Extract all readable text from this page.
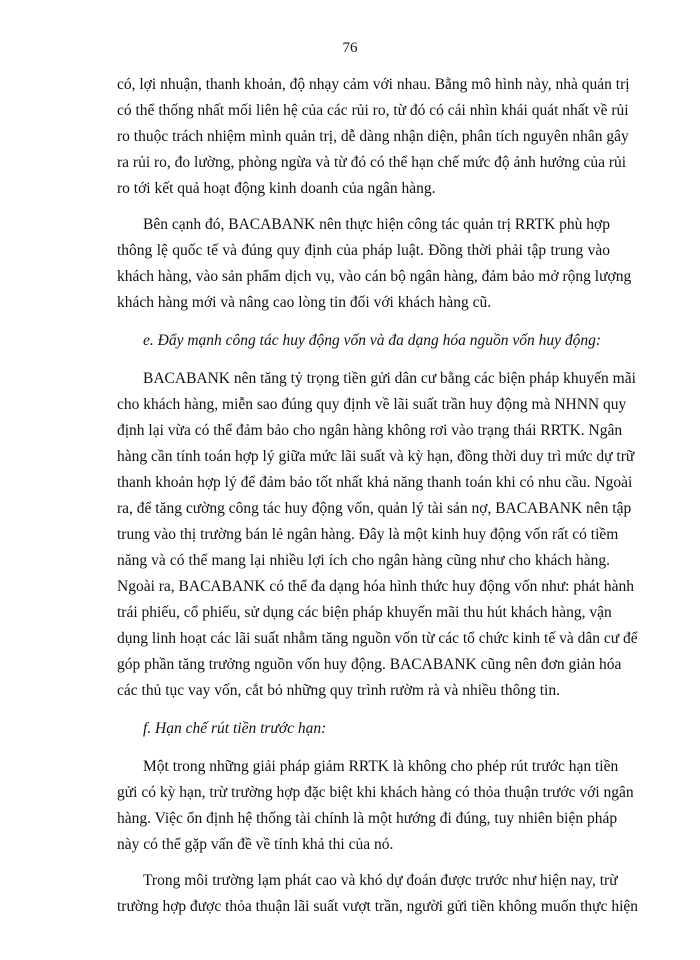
76

có, lợi nhuận, thanh khoản, độ nhạy cảm với nhau. Bằng mô hình này, nhà quản trị
có thể thống nhất mối liên hệ của các rủi ro, từ đó có cái nhìn khái quát nhất về rủi
ro thuộc trách nhiệm mình quản trị, dễ dàng nhận diện, phân tích nguyên nhân gây
ra rủi ro, đo lường, phòng ngừa và từ đó có thể hạn chế mức độ ảnh hưởng của rủi
ro tới kết quả hoạt động kinh doanh của ngân hàng.

Bên cạnh đó, BACABANK nên thực hiện công tác quản trị RRTK phù hợp
thông lệ quốc tế và đúng quy định của pháp luật. Đồng thời phải tập trung vào
khách hàng, vào sản phẩm dịch vụ, vào cán bộ ngân hàng, đảm bảo mở rộng lượng
khách hàng mới và nâng cao lòng tin đối với khách hàng cũ.

e. Đẩy mạnh công tác huy động vốn và đa dạng hóa nguồn vốn huy động:

BACABANK nên tăng tỷ trọng tiền gửi dân cư bằng các biện pháp khuyến mãi
cho khách hàng, miễn sao đúng quy định về lãi suất trần huy động mà NHNN quy
định lại vừa có thể đảm bảo cho ngân hàng không rơi vào trạng thái RRTK. Ngân
hàng cần tính toán hợp lý giữa mức lãi suất và kỳ hạn, đồng thời duy trì mức dự trữ
thanh khoản hợp lý để đảm bảo tốt nhất khả năng thanh toán khi có nhu cầu. Ngoài
ra, để tăng cường công tác huy động vốn, quản lý tài sản nợ, BACABANK nên tập
trung vào thị trường bán lẻ ngân hàng. Đây là một kinh huy động vốn rất có tiềm
năng và có thể mang lại nhiều lợi ích cho ngân hàng cũng như cho khách hàng.
Ngoài ra, BACABANK có thể đa dạng hóa hình thức huy động vốn như: phát hành
trái phiếu, cổ phiếu, sử dụng các biện pháp khuyến mãi thu hút khách hàng, vận
dụng linh hoạt các lãi suất nhằm tăng nguồn vốn từ các tổ chức kinh tế và dân cư để
góp phần tăng trưởng nguồn vốn huy động. BACABANK cũng nên đơn giản hóa
các thủ tục vay vốn, cắt bỏ những quy trình rườm rà và nhiều thông tin.

f. Hạn chế rút tiền trước hạn:

Một trong những giải pháp giảm RRTK là không cho phép rút trước hạn tiền
gửi có kỳ hạn, trừ trường hợp đặc biệt khi khách hàng có thỏa thuận trước với ngân
hàng. Việc ổn định hệ thống tài chính là một hướng đi đúng, tuy nhiên biện pháp
này có thể gặp vấn đề về tính khả thi của nó.

Trong môi trường lạm phát cao và khó dự đoán được trước như hiện nay, trừ
trường hợp được thỏa thuận lãi suất vượt trần, người gửi tiền không muốn thực hiện
